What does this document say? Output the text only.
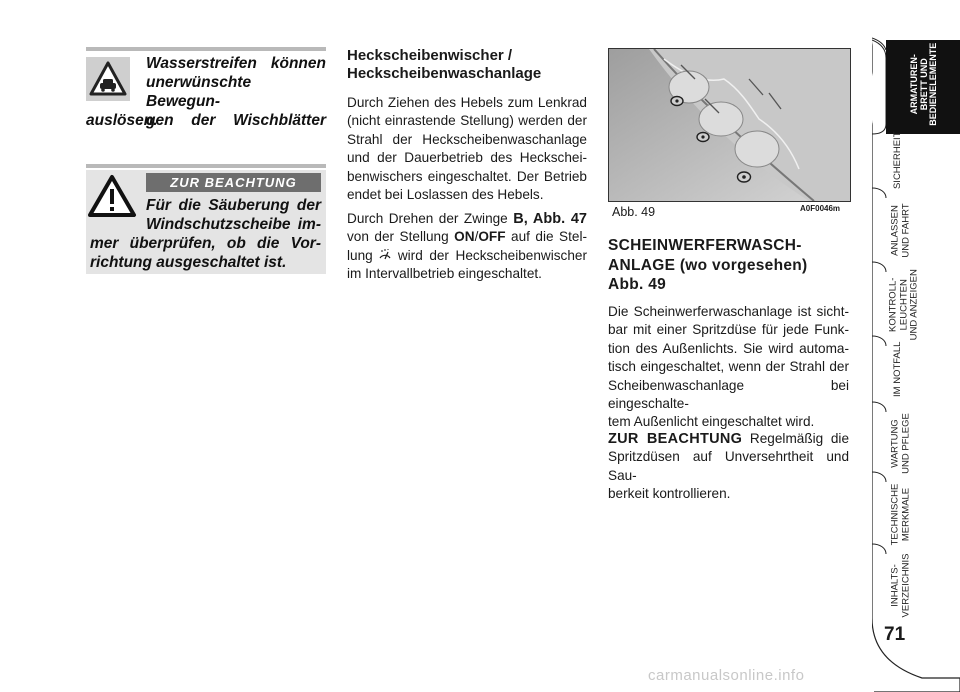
Wasserstreifen können
unerwünschte Bewegun-
gen der Wischblätter
auslösen.
ZUR BEACHTUNG
Für die Säuberung der
Windschutzscheibe im-
mer überprüfen, ob die Vor-
richtung ausgeschaltet ist.
Heckscheibenwischer /
Heckscheibenwaschanlage
Durch Ziehen des Hebels zum Lenkrad
(nicht einrastende Stellung) werden der
Strahl der Heckscheibenwaschanlage
und der Dauerbetrieb des Heckschei-
benwischers eingeschaltet. Der Betrieb
endet bei Loslassen des Hebels.
Durch Drehen der Zwinge B, Abb. 47
von der Stellung ON/OFF auf die Stel-
lung  wird der Heckscheibenwischer
im Intervallbetrieb eingeschaltet.
Abb. 49	A0F0046m
SCHEINWERFERWASCH-
ANLAGE (wo vorgesehen)
Abb. 49
Die Scheinwerferwaschanlage ist sicht-
bar mit einer Spritzdüse für jede Funk-
tion des Außenlichts. Sie wird automa-
tisch eingeschaltet, wenn der Strahl der
Scheibenwaschanlage bei eingeschalte-
tem Außenlicht eingeschaltet wird.
ZUR BEACHTUNG Regelmäßig die
Spritzdüsen auf Unversehrtheit und Sau-
berkeit kontrollieren.
ARMATUREN-
BRETT UND
BEDIENELEMENTE
SICHERHEIT
ANLASSEN
UND FAHRT
KONTROLL-
LEUCHTEN
UND ANZEIGEN
IM NOTFALL
WARTUNG
UND PFLEGE
TECHNISCHE
MERKMALE
INHALTS-
VERZEICHNIS
71
carmanualsonline.info
